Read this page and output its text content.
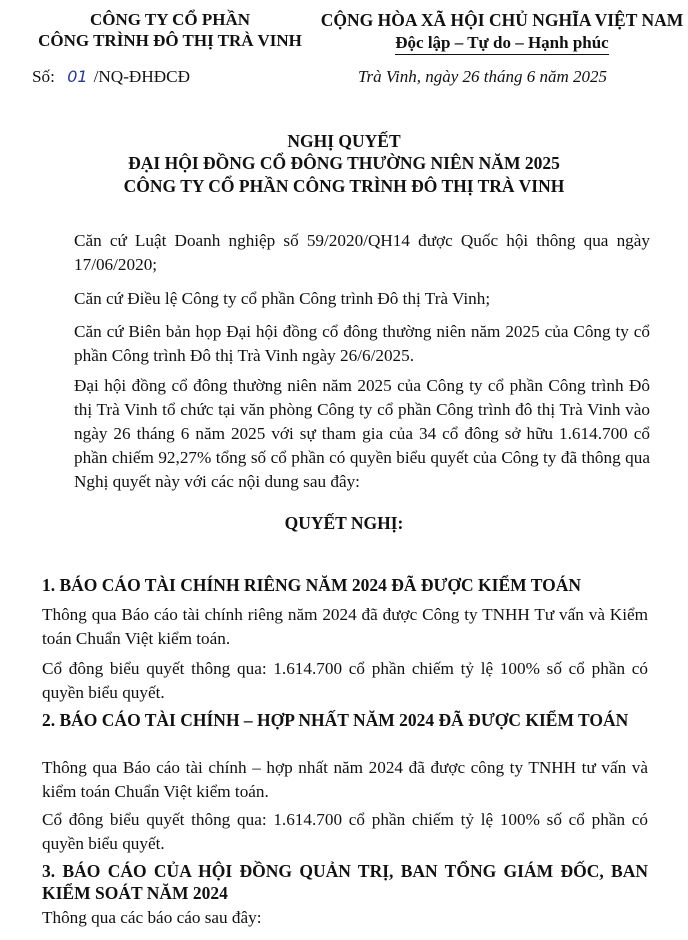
CÔNG TY CỔ PHẦN
CÔNG TRÌNH ĐÔ THỊ TRÀ VINH
CỘNG HÒA XÃ HỘI CHỦ NGHĨA VIỆT NAM
Độc lập – Tự do – Hạnh phúc
Số: 01 /NQ-ĐHĐCĐ	Trà Vinh, ngày 26 tháng 6 năm 2025
NGHỊ QUYẾT
ĐẠI HỘI ĐỒNG CỔ ĐÔNG THƯỜNG NIÊN NĂM 2025
CÔNG TY CỔ PHẦN CÔNG TRÌNH ĐÔ THỊ TRÀ VINH
Căn cứ Luật Doanh nghiệp số 59/2020/QH14 được Quốc hội thông qua ngày 17/06/2020;
Căn cứ Điều lệ Công ty cổ phần Công trình Đô thị Trà Vinh;
Căn cứ Biên bản họp Đại hội đồng cổ đông thường niên năm 2025 của Công ty cổ phần Công trình Đô thị Trà Vinh ngày 26/6/2025.
Đại hội đồng cổ đông thường niên năm 2025 của Công ty cổ phần Công trình Đô thị Trà Vinh tổ chức tại văn phòng Công ty cổ phần Công trình đô thị Trà Vinh vào ngày 26 tháng 6 năm 2025 với sự tham gia của 34 cổ đông sở hữu 1.614.700 cổ phần chiếm 92,27% tổng số cổ phần có quyền biểu quyết của Công ty đã thông qua Nghị quyết này với các nội dung sau đây:
QUYẾT NGHỊ:
1. BÁO CÁO TÀI CHÍNH RIÊNG NĂM 2024 ĐÃ ĐƯỢC KIỂM TOÁN
Thông qua Báo cáo tài chính riêng năm 2024 đã được Công ty TNHH Tư vấn và Kiểm toán Chuẩn Việt kiểm toán.
Cổ đông biểu quyết thông qua: 1.614.700 cổ phần chiếm tỷ lệ 100% số cổ phần có quyền biểu quyết.
2. BÁO CÁO TÀI CHÍNH – HỢP NHẤT NĂM 2024 ĐÃ ĐƯỢC KIỂM TOÁN
Thông qua Báo cáo tài chính – hợp nhất năm 2024 đã được công ty TNHH tư vấn và kiểm toán Chuẩn Việt kiểm toán.
Cổ đông biểu quyết thông qua: 1.614.700 cổ phần chiếm tỷ lệ 100% số cổ phần có quyền biểu quyết.
3. BÁO CÁO CỦA HỘI ĐỒNG QUẢN TRỊ, BAN TỔNG GIÁM ĐỐC, BAN KIỂM SOÁT NĂM 2024
Thông qua các báo cáo sau đây:
